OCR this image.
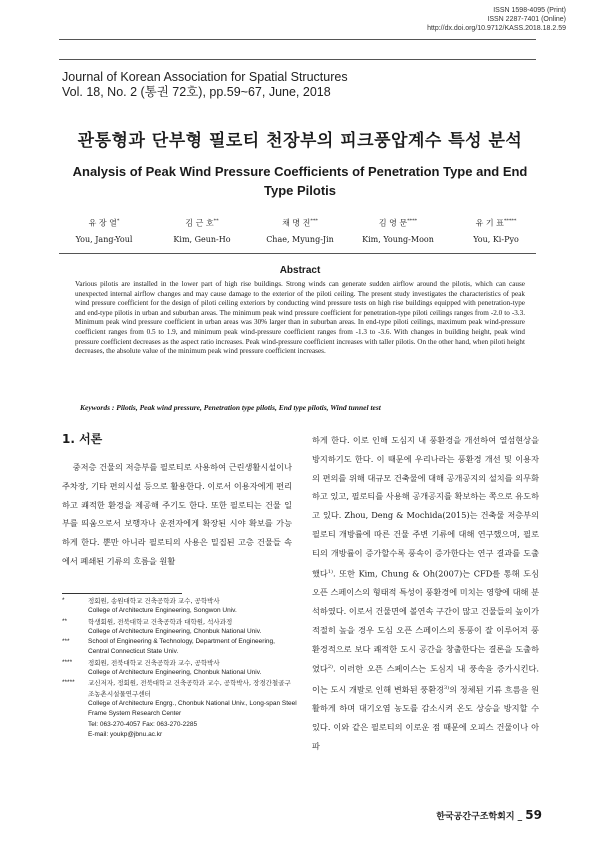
ISSN 1598-4095 (Print)
ISSN 2287-7401 (Online)
http://dx.doi.org/10.9712/KASS.2018.18.2.59
Journal of Korean Association for Spatial Structures
Vol. 18, No. 2 (통권 72호), pp.59~67, June, 2018
관통형과 단부형 필로티 천장부의 피크풍압계수 특성 분석
Analysis of Peak Wind Pressure Coefficients of Penetration Type and End Type Pilotis
유 장 열*
You, Jang-Youl
김 근 호**
Kim, Geun-Ho
채 명 진***
Chae, Myung-Jin
김 영 문****
Kim, Young-Moon
유 기 표*****
You, Ki-Pyo
Abstract
Various pilotis are installed in the lower part of high rise buildings. Strong winds can generate sudden airflow around the pilotis, which can cause unexpected internal airflow changes and may cause damage to the exterior of the piloti ceiling. The present study investigates the characteristics of peak wind pressure coefficient for the design of piloti ceiling exteriors by conducting wind pressure tests on high rise buildings equipped with penetration-type and end-type pilotis in urban and suburban areas. The minimum peak wind pressure coefficient for penetration-type piloti ceilings ranges from -2.0 to -3.3. Minimum peak wind pressure coefficient in urban areas was 30% larger than in suburban areas. In end-type piloti ceilings, maximum peak wind-pressure coefficient ranges from 0.5 to 1.9, and minimum peak wind-pressure coefficient ranges from -1.3 to -3.6. With changes in building height, peak wind pressure coefficient decreases as the aspect ratio increases. Peak wind-pressure coefficient increases with taller pilotis. On the other hand, when piloti height decreases, the absolute value of the minimum peak wind pressure coefficient increases.
Keywords : Pilotis, Peak wind pressure, Penetration type pilotis, End type pilotis, Wind tunnel test
1. 서론

중저층 건물의 저층부를 필로티로 사용하여 근린생활시설이나 주차장, 기타 편의시설 등으로 활용한다. 이로서 이용자에게 편리하고 쾌적한 환경을 제공해 주기도 한다. 또한 필로티는 건물 일부를 띄움으로서 보행자나 운전자에게 확장된 시야 확보를 가능하게 한다. 뿐만 아니라 필로티의 사용은 밀집된 고층 건물들 속에서 폐쇄된 기류의 흐름을 원활

하게 한다. 이로 인해 도심지 내 풍환경을 개선하여 열섬현상을 방지하기도 한다. 이 때문에 우리나라는 풍환경 개선 및 이용자의 편의를 위해 대규모 건축물에 대해 공개공지의 설치를 의무화하고 있고, 필로티를 사용해 공개공지를 확보하는 쪽으로 유도하고 있다. Zhou, Deng & Mochida(2015)는 건축물 저층부의 필로티 개방률에 따른 건물 주변 기류에 대해 연구했으며, 필로티의 개방률이 증가할수록 풍속이 증가한다는 연구 결과를 도출했다$^{1)}$. 또한 Kim, Chung & Oh(2007)는 CFD를 통해 도심 오픈 스페이스의 형태적 특성이 풍환경에 미치는 영향에 대해 분석하였다. 이로서 건물면에 볼연속 구간이 많고 건물들의 높이가 적절히 높을 경우 도심 오픈 스페이스의 통풍이 잘 이루어져 풍환경적으로 보다 쾌적한 도시 공간을 창출한다는 결론을 도출하였다$^{2)}$. 이러한 오픈 스페이스는 도심지 내 풍속을 증가시킨다. 이는 도시 개발로 인해 변화된 풍환경$^{3)}$의 정체된 기류 흐름을 원활하게 하며 대기오염 농도를 감소시켜 온도 상승을 방지할 수 있다. 이와 같은 필로티의 이로운 점 때문에 오피스 건물이나 아파

*	정회원, 송원대학교 건축공학과 교수, 공학박사
College of Architecture Engineering, Songwon Univ.
**	학생회원, 전북대학교 건축공학과 대학원, 석사과정
College of Architecture Engineering, Chonbuk National Univ.
***	School of Engineering & Technology, Department of Engineering, Central Connecticut State Univ.
****	정회원, 전북대학교 건축공학과 교수, 공학박사
College of Architecture Engineering, Chonbuk National Univ.
*****	교신저자, 정회원, 전북대학교 건축공학과 교수, 공학박사, 장경간철골구조농촌시설물연구센터
College of Architecture Engrg., Chonbuk National Univ., Long-span Steel Frame System Research Center
Tel: 063-270-4057 Fax: 063-270-2285
E-mail: youkp@jbnu.ac.kr
한국공간구조학회지 _ 59
